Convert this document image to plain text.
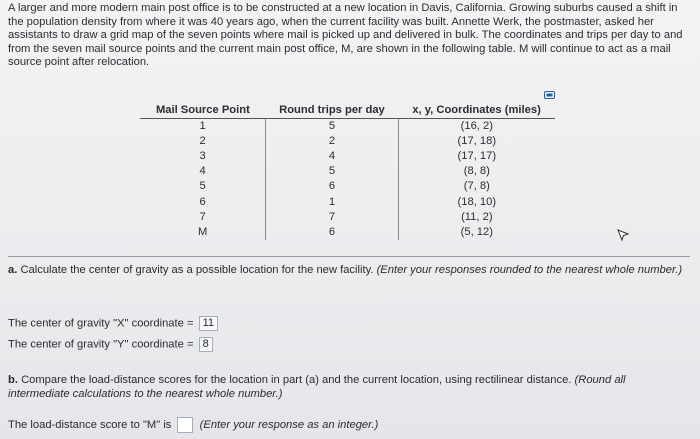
A larger and more modern main post office is to be constructed at a new location in Davis, California. Growing suburbs caused a shift in the population density from where it was 40 years ago, when the current facility was built. Annette Werk, the postmaster, asked her assistants to draw a grid map of the seven points where mail is picked up and delivered in bulk. The coordinates and trips per day to and from the seven mail source points and the current main post office, M, are shown in the following table. M will continue to act as a mail source point after relocation.
Mail Source Point	Round trips per day	x, y, Coordinates (miles)
1	5	(16, 2)
2	2	(17, 18)
3	4	(17, 17)
4	5	(8, 8)
5	6	(7, 8)
6	1	(18, 10)
7	7	(11, 2)
M	6	(5, 12)
a. Calculate the center of gravity as a possible location for the new facility. (Enter your responses rounded to the nearest whole number.)
The center of gravity "X" coordinate = 11
The center of gravity "Y" coordinate = 8
b. Compare the load-distance scores for the location in part (a) and the current location, using rectilinear distance. (Round all intermediate calculations to the nearest whole number.)
The load-distance score to "M" is	(Enter your response as an integer.)
